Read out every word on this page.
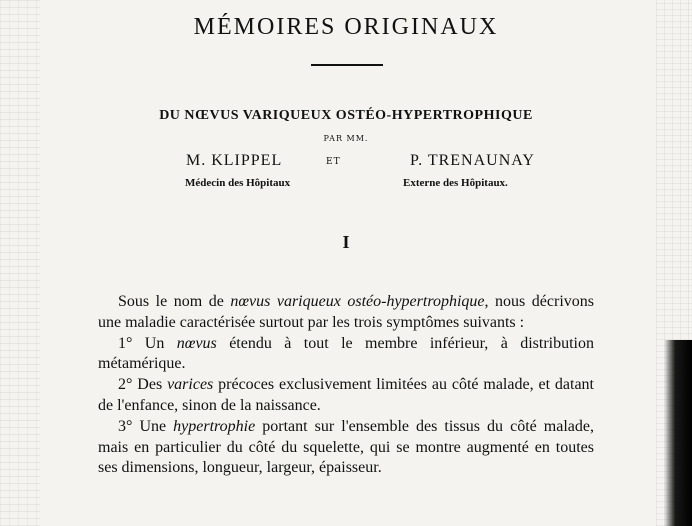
MÉMOIRES ORIGINAUX
DU NŒVUS VARIQUEUX OSTÉO-HYPERTROPHIQUE
PAR MM.
M. KLIPPEL	ET	P. TRENAUNAY
Médecin des Hôpitaux	Externe des Hôpitaux.
I

Sous le nom de nœvus variqueux ostéo-hypertrophique, nous décrivons une maladie caractérisée surtout par les trois symptômes suivants :

1° Un nœvus étendu à tout le membre inférieur, à distribution métamérique.

2° Des varices précoces exclusivement limitées au côté malade, et datant de l'enfance, sinon de la naissance.

3° Une hypertrophie portant sur l'ensemble des tissus du côté malade, mais en particulier du côté du squelette, qui se montre augmenté en toutes ses dimensions, longueur, largeur, épaisseur.
